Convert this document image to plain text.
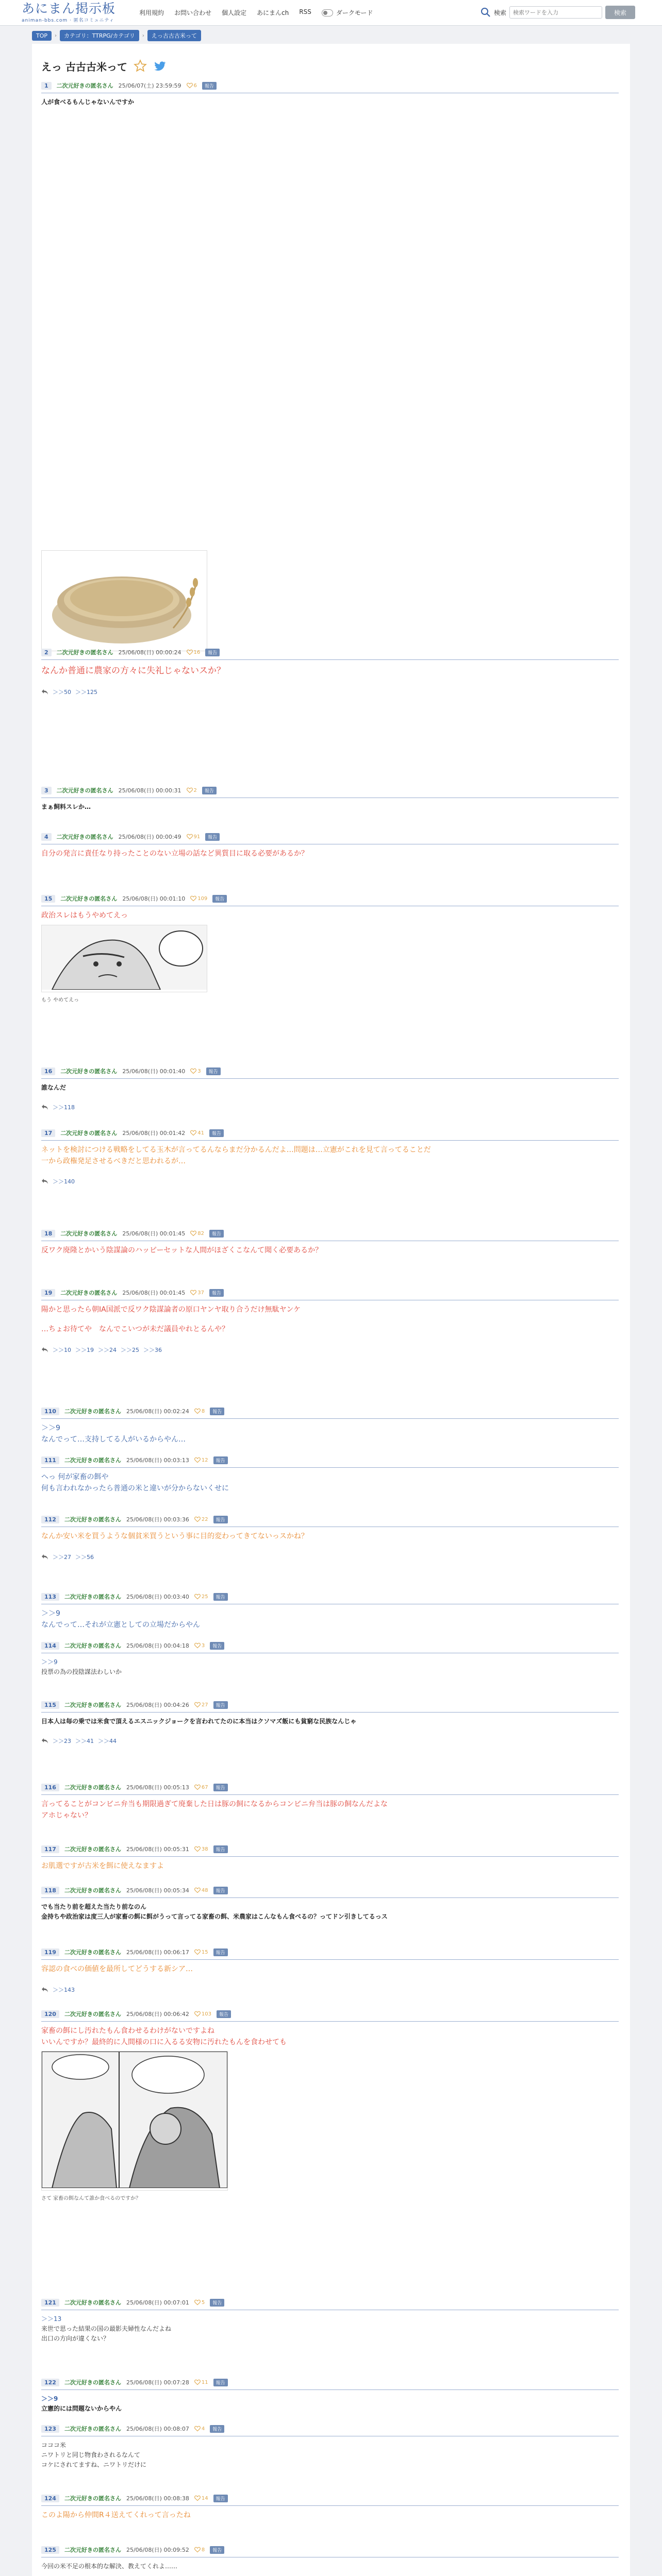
あにまん掲示板
animan-bbs.com · 匿名コミュニティ
利用規約 お問い合わせ 個人設定 あにまんch RSS	ダークモード	検索
検索ワードを入力	検索
TOP	›	カテゴリ：TTRPG/カテゴリ	›	えっ古古古米って
えっ 古古古米って
1	二次元好きの匿名さん 25/06/07(土) 23:59:59 6	報告
人が食べるもんじゃないんですか
2	二次元好きの匿名さん 25/06/08(日) 00:00:24 16	報告
なんか普通に農家の方々に失礼じゃないスか？
＞＞50 ＞＞125
3	二次元好きの匿名さん 25/06/08(日) 00:00:31 2	報告
まぁ飼料スレか…
4	二次元好きの匿名さん 25/06/08(日) 00:00:49 91	報告
自分の発言に責任なり持ったことのない立場の話など異質目に取る必要があるか？
15	二次元好きの匿名さん 25/06/08(日) 00:01:10 109	報告
政治スレはもうやめてえっ
もう やめてえっ
16	二次元好きの匿名さん 25/06/08(日) 00:01:40 3	報告
誰なんだ
＞＞118
17	二次元好きの匿名さん 25/06/08(日) 00:01:42 41	報告
ネットを検討につける戦略をしてる玉木が言ってるんならまだ分かるんだよ…問題は…立憲がこれを見て言ってることだ
一から政権発足させるべきだと思われるが…
＞＞140
18	二次元好きの匿名さん 25/06/08(日) 00:01:45 82	報告
反ワク廃隆とかいう陰謀論のハッピーセットな人間がほざくこなんて聞く必要あるか？
19	二次元好きの匿名さん 25/06/08(日) 00:01:45 37	報告
陽かと思ったら朝IA国派で反ワク陰謀論者の原口ヤンヤ取り合うだけ無駄ヤンケ
…ちょお待てや　なんでこいつが未だ議員やれとるんや？
＞＞10 ＞＞19 ＞＞24 ＞＞25 ＞＞36
110	二次元好きの匿名さん 25/06/08(日) 00:02:24 8	報告
＞＞9
なんでって…支持してる人がいるからやん…
111	二次元好きの匿名さん 25/06/08(日) 00:03:13 12	報告
へっ 何が家畜の餌や
何も言われなかったら普通の米と違いが分からないくせに
112	二次元好きの匿名さん 25/06/08(日) 00:03:36 22	報告
なんか安い米を買うような個貧米買うという事に目的変わってきてないっスかね？
＞＞27 ＞＞56
113	二次元好きの匿名さん 25/06/08(日) 00:03:40 25	報告
＞＞9
なんでって…それが立憲としての立場だからやん
114	二次元好きの匿名さん 25/06/08(日) 00:04:18 3	報告
＞＞9
投票の為の投陰謀法わしいか
115	二次元好きの匿名さん 25/06/08(日) 00:04:26 27	報告
日本人は毎の乗では米食で頂えるエスニックジョークを言われてたのに本当はクソマズ飯にも貧窮な民族なんじゃ
＞＞23 ＞＞41 ＞＞44
116	二次元好きの匿名さん 25/06/08(日) 00:05:13 67	報告
言ってることがコンビニ弁当も期限過ぎて廃棄した日は豚の飼になるからコンビニ弁当は豚の飼なんだよな
アホじゃない？
117	二次元好きの匿名さん 25/06/08(日) 00:05:31 38	報告
お肌選ですが古米を餌に使えなますよ
118	二次元好きの匿名さん 25/06/08(日) 00:05:34 48	報告
でも当たり前を超えた当たり前なのん
金持ちや政治家は度三人が家畜の餌に餌がうって言ってる家畜の餌、米農家はこんなもん食べるの？ってドン引きしてるっス
119	二次元好きの匿名さん 25/06/08(日) 00:06:17 15	報告
容認の食べの価値を最所してどうする新シア…
＞＞143
120	二次元好きの匿名さん 25/06/08(日) 00:06:42 103	報告
家畜の餌にし汚れたもん食わせるわけがないですよね
いいんですか？最終的に人間様の口に入るる安物に汚れたもんを食わせても
さて 家畜の餌なんて誰か食べるのですか？
121	二次元好きの匿名さん 25/06/08(日) 00:07:01 5	報告
＞＞13
来世で思った結果の国の最影夫婦性なんだよね
出口の方向が違くない？
122	二次元好きの匿名さん 25/06/08(日) 00:07:28 11	報告
＞＞9
立憲的には問題ないからやん
123	二次元好きの匿名さん 25/06/08(日) 00:08:07 4	報告
コココ米
ニワトリと同じ物食わされるなんて
コケにされてますね、ニワトリだけに
124	二次元好きの匿名さん 25/06/08(日) 00:08:38 14	報告
このよ陽から仲間R４送えてくれって言ったね
125	二次元好きの匿名さん 25/06/08(日) 00:09:52 8	報告
今回の米不足の根本的な解決、教えてくれよ……
